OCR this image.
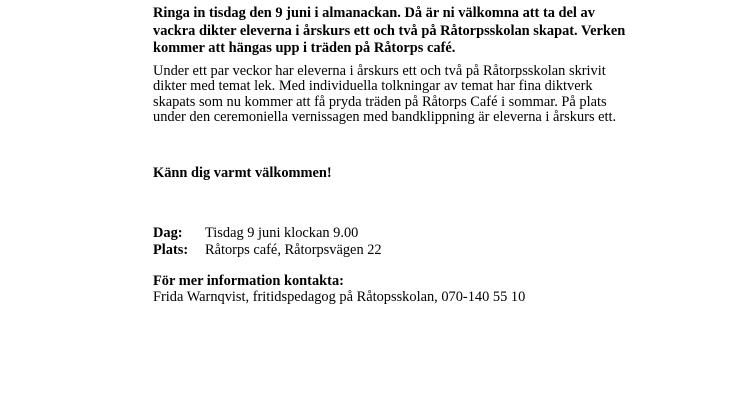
Ringa in tisdag den 9 juni i almanackan. Då är ni välkomna att ta del av vackra dikter eleverna i årskurs ett och två på Råtorpsskolan skapat. Verken kommer att hängas upp i träden på Råtorps café.

Under ett par veckor har eleverna i årskurs ett och två på Råtorpsskolan skrivit dikter med temat lek. Med individuella tolkningar av temat har fina diktverk skapats som nu kommer att få pryda träden på Råtorps Café i sommar. På plats under den ceremoniella vernissagen med bandklippning är eleverna i årskurs ett.

Känn dig varmt välkommen!

Dag:	Tisdag 9 juni klockan 9.00
Plats:	Råtorps café, Råtorpsvägen 22
För mer information kontakta:
Frida Warnqvist, fritidspedagog på Råtopsskolan, 070-140 55 10
